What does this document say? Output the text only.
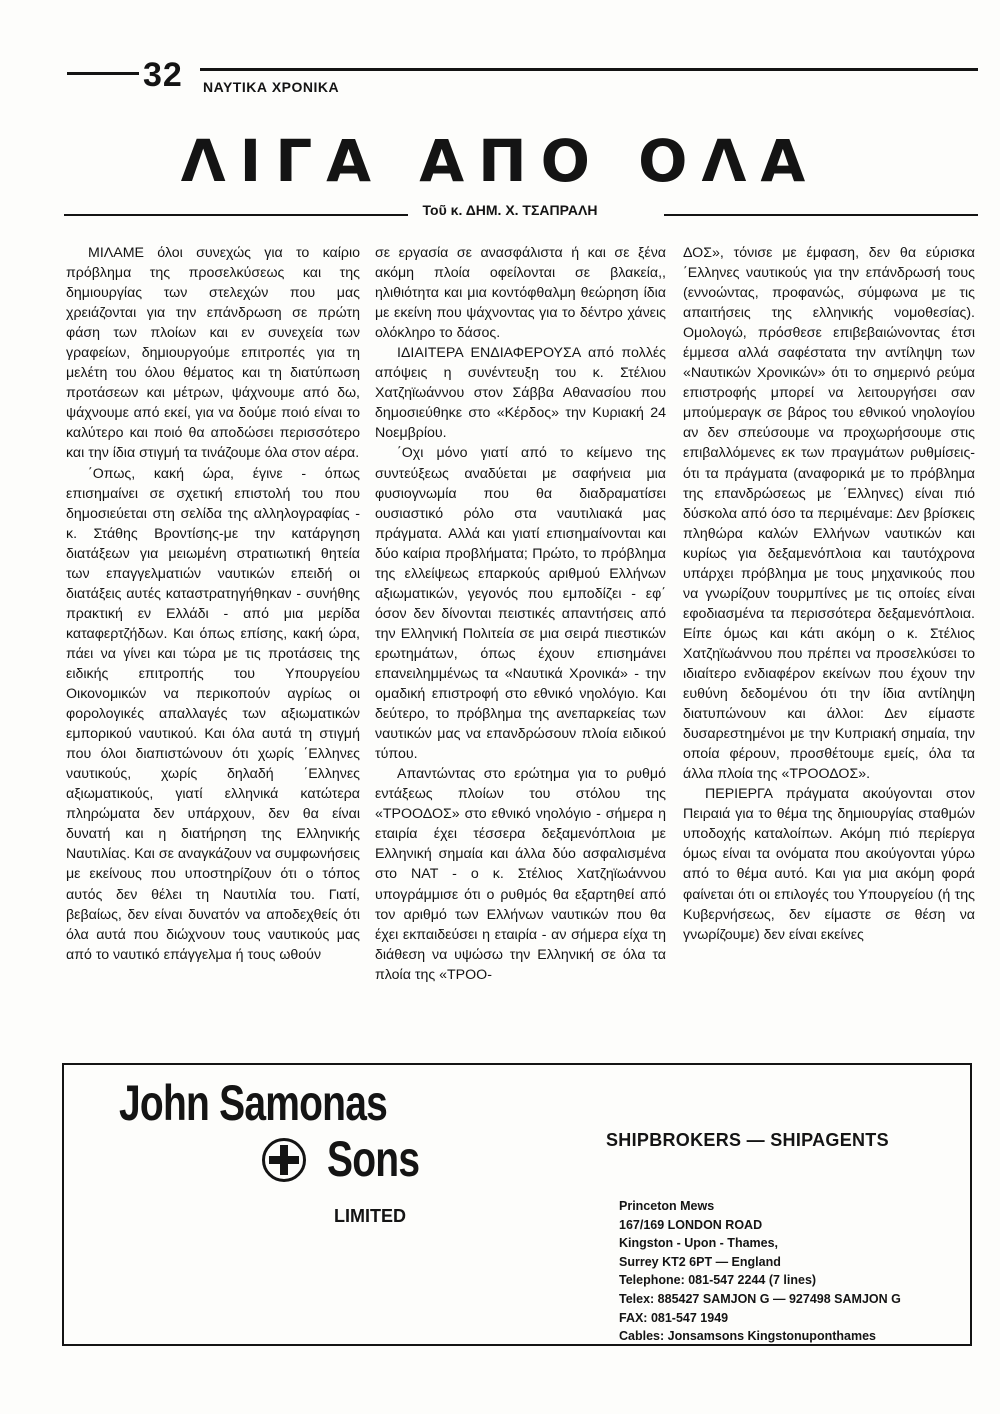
32 ΝΑΥΤΙΚΑ ΧΡΟΝΙΚΑ
ΛΙΓΑ ΑΠΟ ΟΛΑ
Τοῦ κ. ΔΗΜ. Χ. ΤΣΑΠΡΑΛΗ

ΜΙΛΑΜΕ όλοι συνεχώς για το καίριο πρόβλημα της προσελκύσεως και της δημιουργίας των στελεχών που μας χρειάζονται για την επάνδρωση σε πρώτη φάση των πλοίων και εν συνεχεία των γραφείων, δημιουργούμε επιτροπές για τη μελέτη του όλου θέματος και τη διατύπωση προτάσεων και μέτρων, ψάχνουμε από δω, ψάχνουμε από εκεί, για να δούμε ποιό είναι το καλύτερο και ποιό θα αποδώσει περισσότερο και την ίδια στιγμή τα τινάζουμε όλα στον αέρα.

΄Οπως, κακή ώρα, έγινε - όπως επισημαίνει σε σχετική επιστολή του που δημοσιεύεται στη σελίδα της αλληλογραφίας - κ. Στάθης Βροντίσης-με την κατάργηση διατάξεων για μειωμένη στρατιωτική θητεία των επαγγελματιών ναυτικών επειδή οι διατάξεις αυτές καταστρατηγήθηκαν - συνήθης πρακτική εν Ελλάδι - από μια μερίδα καταφερτζήδων. Και όπως επίσης, κακή ώρα, πάει να γίνει και τώρα με τις προτάσεις της ειδικής επιτροπής του Υπουργείου Οικονομικών να περικοπούν αγρίως οι φορολογικές απαλλαγές των αξιωματικών εμπορικού ναυτικού. Και όλα αυτά τη στιγμή που όλοι διαπιστώνουν ότι χωρίς ΄Ελληνες ναυτικούς, χωρίς δηλαδή ΄Ελληνες αξιωματικούς, γιατί ελληνικά κατώτερα πληρώματα δεν υπάρχουν, δεν θα είναι δυνατή και η διατήρηση της Ελληνικής Ναυτιλίας. Και σε αναγκάζουν να συμφωνήσεις με εκείνους που υποστηρίζουν ότι ο τόπος αυτός δεν θέλει τη Ναυτιλία του. Γιατί, βεβαίως, δεν είναι δυνατόν να αποδεχθείς ότι όλα αυτά που διώχνουν τους ναυτικούς μας από το ναυτικό επάγγελμα ή τους ωθούν

σε εργασία σε ανασφάλιστα ή και σε ξένα ακόμη πλοία οφείλονται σε βλακεία,, ηλιθιότητα και μια κοντόφθαλμη θεώρηση ίδια με εκείνη που ψάχνοντας για το δέντρο χάνεις ολόκληρο το δάσος.

ΙΔΙΑΙΤΕΡΑ ΕΝΔΙΑΦΕΡΟΥΣΑ από πολλές απόψεις η συνέντευξη του κ. Στέλιου Χατζηϊωάννου στον Σάββα Αθανασίου που δημοσιεύθηκε στο «Κέρδος» την Κυριακή 24 Νοεμβρίου.

΄Οχι μόνο γιατί από το κείμενο της συντεύξεως αναδύεται με σαφήνεια μια φυσιογνωμία που θα διαδραματίσει ουσιαστικό ρόλο στα ναυτιλιακά μας πράγματα. Αλλά και γιατί επισημαίνονται και δύο καίρια προβλήματα; Πρώτο, το πρόβλημα της ελλείψεως επαρκούς αριθμού Ελλήνων αξιωματικών, γεγονός που εμποδίζει - εφ΄ όσον δεν δίνονται πειστικές απαντήσεις από την Ελληνική Πολιτεία σε μια σειρά πιεστικών ερωτημάτων, όπως έχουν επισημάνει επανειλημμένως τα «Ναυτικά Χρονικά» - την ομαδική επιστροφή στο εθνικό νηολόγιο. Και δεύτερο, το πρόβλημα της ανεπαρκείας των ναυτικών μας να επανδρώσουν πλοία ειδικού τύπου.

Απαντώντας στο ερώτημα για το ρυθμό εντάξεως πλοίων του στόλου της «ΤΡΟΟΔΟΣ» στο εθνικό νηολόγιο - σήμερα η εταιρία έχει τέσσερα δεξαμενόπλοια με Ελληνική σημαία και άλλα δύο ασφαλισμένα στο ΝΑΤ - ο κ. Στέλιος Χατζηϊωάννου υπογράμμισε ότι ο ρυθμός θα εξαρτηθεί από τον αριθμό των Ελλήνων ναυτικών που θα έχει εκπαιδεύσει η εταιρία - αν σήμερα είχα τη διάθεση να υψώσω την Ελληνική σε όλα τα πλοία της «ΤΡΟΟ-

ΔΟΣ», τόνισε με έμφαση, δεν θα εύρισκα ΄Ελληνες ναυτικούς για την επάνδρωσή τους (εννοώντας, προφανώς, σύμφωνα με τις απαιτήσεις της ελληνικής νομοθεσίας). Ομολογώ, πρόσθεσε επιβεβαιώνοντας έτσι έμμεσα αλλά σαφέστατα την αντίληψη των «Ναυτικών Χρονικών» ότι το σημερινό ρεύμα επιστροφής μπορεί να λειτουργήσει σαν μπούμεραγκ σε βάρος του εθνικού νηολογίου αν δεν σπεύσουμε να προχωρήσουμε στις επιβαλλόμενες εκ των πραγμάτων ρυθμίσεις-ότι τα πράγματα (αναφορικά με το πρόβλημα της επανδρώσεως με ΄Ελληνες) είναι πιό δύσκολα από όσο τα περιμέναμε: Δεν βρίσκεις πληθώρα καλών Ελλήνων ναυτικών και κυρίως για δεξαμενόπλοια και ταυτόχρονα υπάρχει πρόβλημα με τους μηχανικούς που να γνωρίζουν τουρμπίνες με τις οποίες είναι εφοδιασμένα τα περισσότερα δεξαμενόπλοια. Είπε όμως και κάτι ακόμη ο κ. Στέλιος Χατζηϊωάννου που πρέπει να προσελκύσει το ιδιαίτερο ενδιαφέρον εκείνων που έχουν την ευθύνη δεδομένου ότι την ίδια αντίληψη διατυπώνουν και άλλοι: Δεν είμαστε δυσαρεστημένοι με την Κυπριακή σημαία, την οποία φέρουν, προσθέτουμε εμείς, όλα τα άλλα πλοία της «ΤΡΟΟΔΟΣ».

ΠΕΡΙΕΡΓΑ πράγματα ακούγονται στον Πειραιά για το θέμα της δημιουργίας σταθμών υποδοχής καταλοίπων. Ακόμη πιό περίεργα όμως είναι τα ονόματα που ακούγονται γύρω από το θέμα αυτό. Και για μια ακόμη φορά φαίνεται ότι οι επιλογές του Υπουργείου (ή της Κυβερνήσεως, δεν είμαστε σε θέση να γνωρίζουμε) δεν είναι εκείνες

John Samonas
Sons
LIMITED
SHIPBROKERS — SHIPAGENTS
Princeton Mews
167/169 LONDON ROAD
Kingston - Upon - Thames,
Surrey KT2 6PT — England
Telephone: 081-547 2244 (7 lines)
Telex: 885427 SAMJON G — 927498 SAMJON G
FAX: 081-547 1949
Cables: Jonsamsons Kingstonuponthames
